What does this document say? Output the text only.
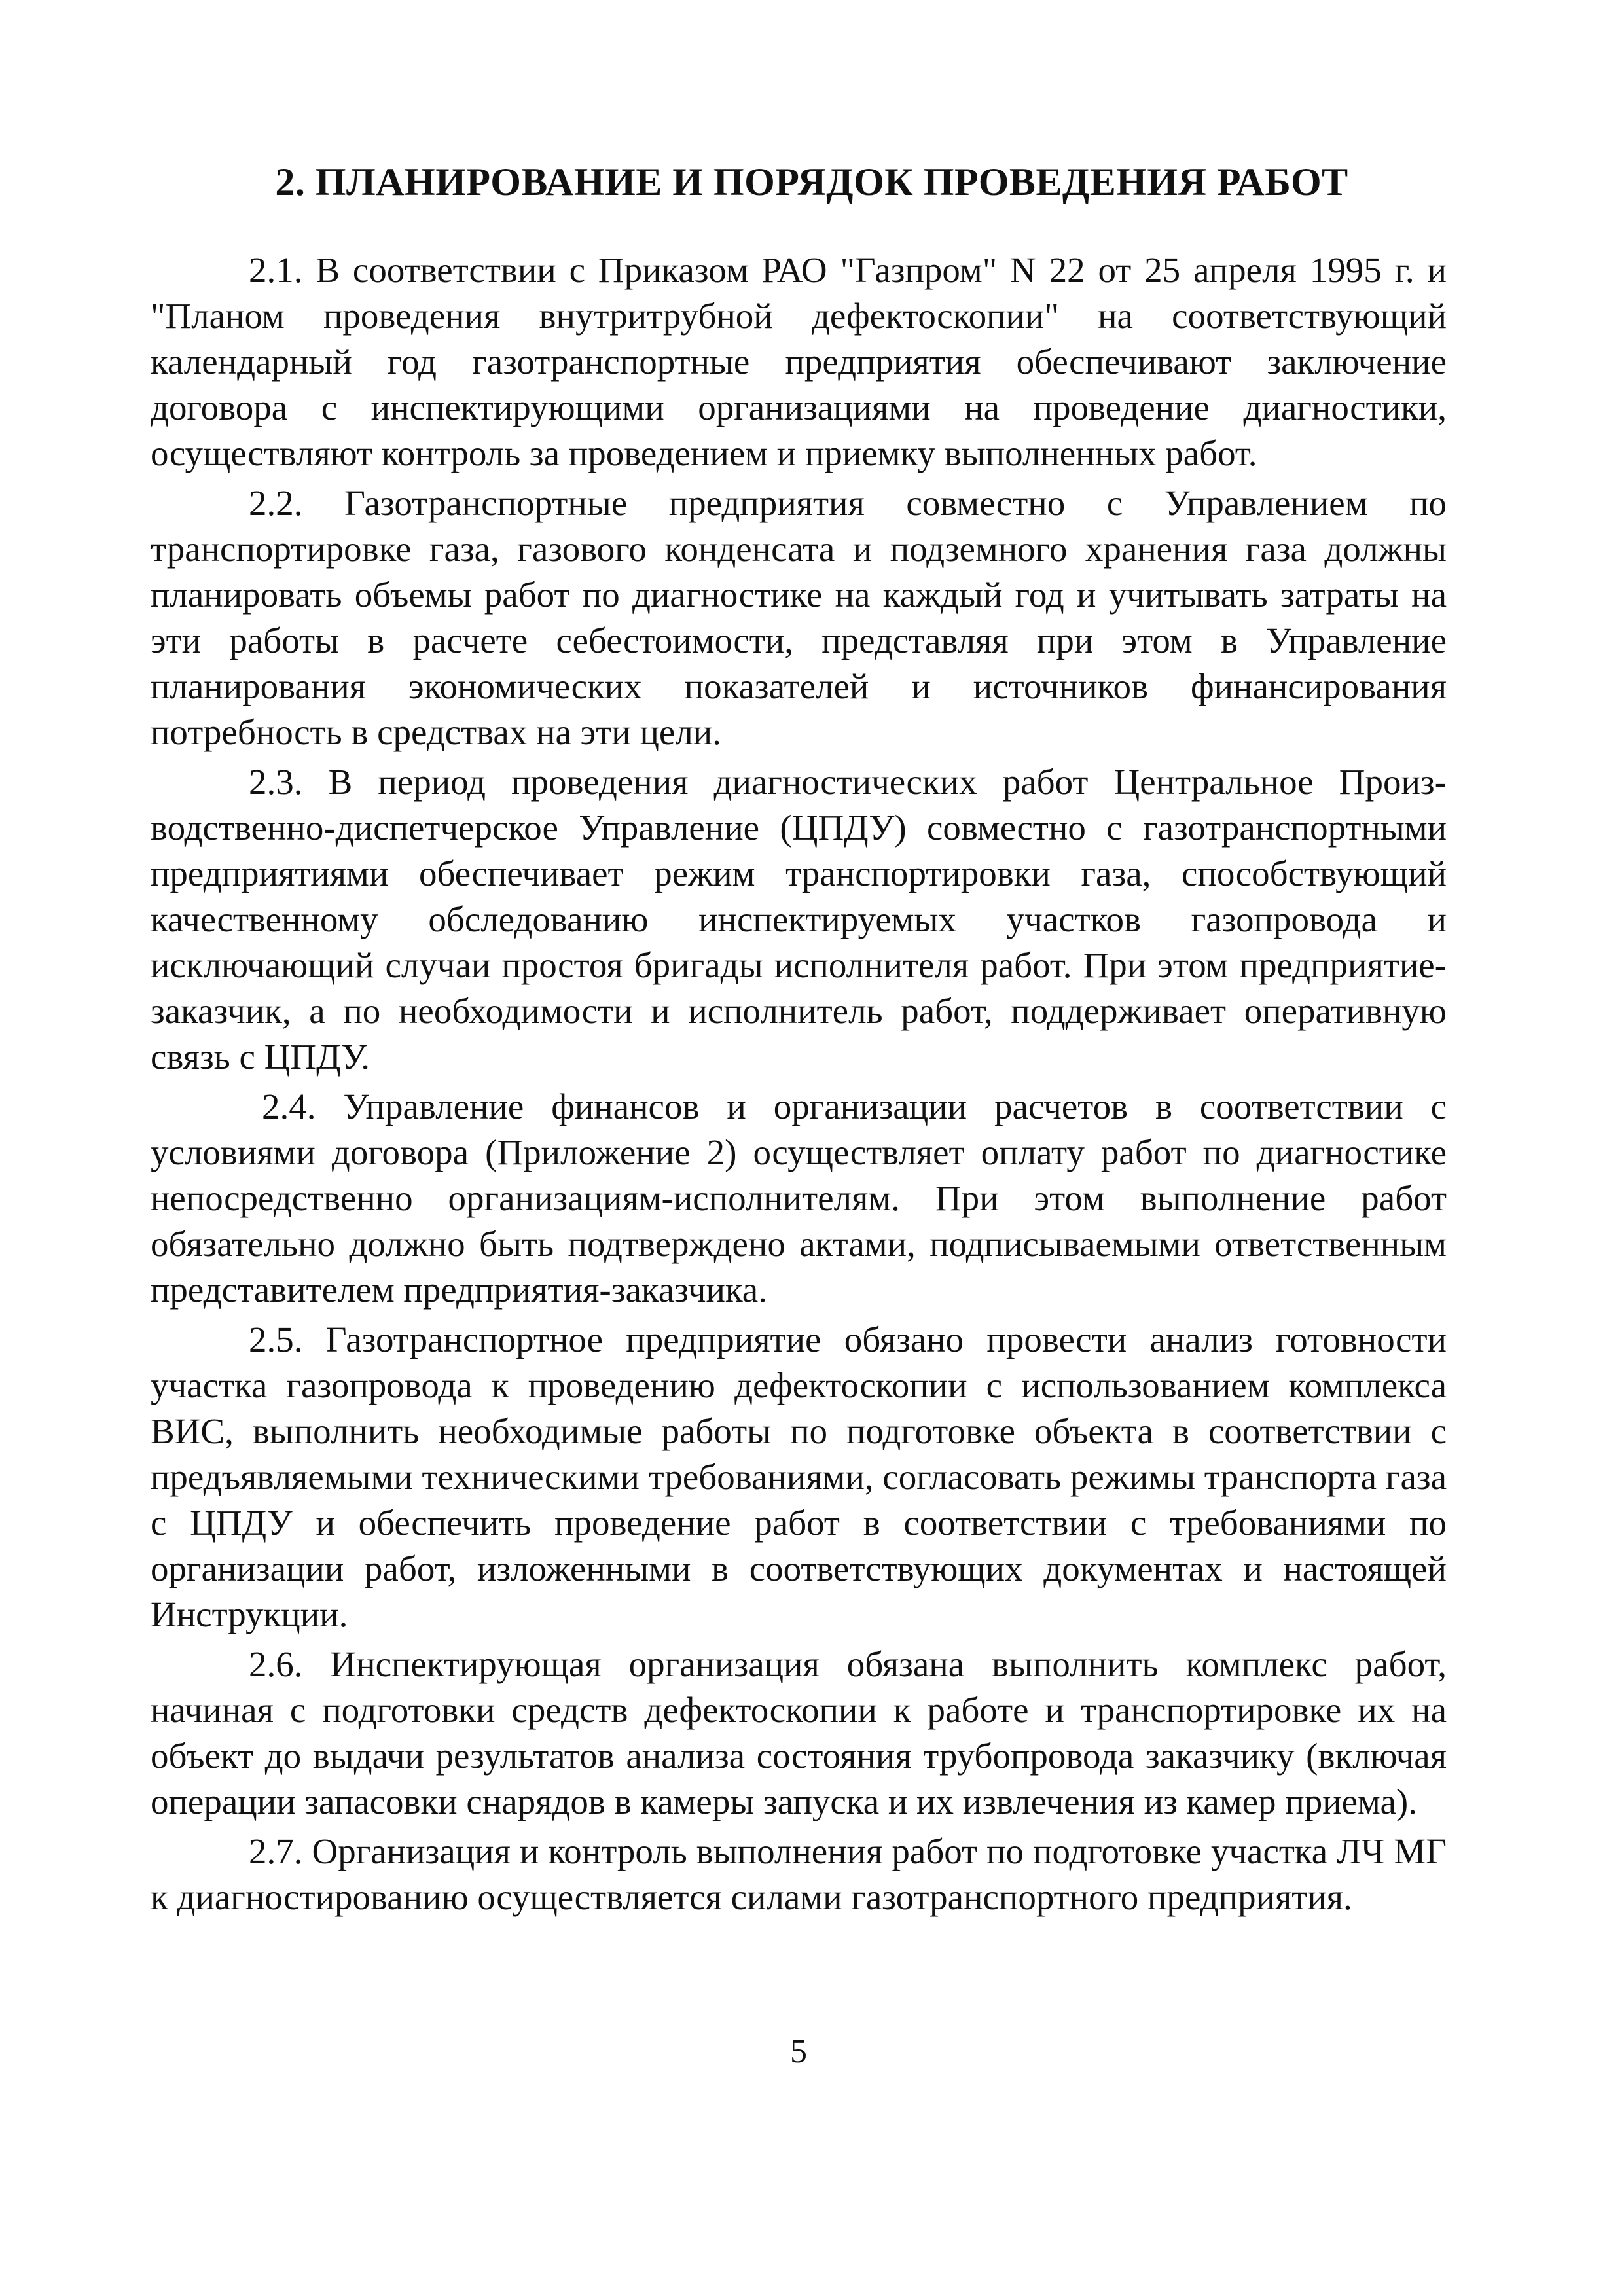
2. ПЛАНИРОВАНИЕ И ПОРЯДОК ПРОВЕДЕНИЯ РАБОТ

2.1. В соответствии с Приказом РАО "Газпром" N 22 от 25 апреля 1995 г. и "Планом проведения внутритрубной дефектоскопии" на соответствующий календарный год газотранспортные предприятия обеспечивают заключение договора с инспектирующими организациями на проведение диагностики, осуществляют контроль за проведением и приемку выполненных работ.

2.2. Газотранспортные предприятия совместно с Управлением по транспортировке газа, газового конденсата и подземного хранения газа должны планировать объемы работ по диагностике на каждый год и учитывать затраты на эти работы в расчете себестоимости, представляя при этом в Управление планирования экономических показателей и источников финансирования потребность в средствах на эти цели.

2.3. В период проведения диагностических работ Центральное Производственно-диспетчерское Управление (ЦПДУ) совместно с газотранспортными предприятиями обеспечивает режим транспортировки газа, способствующий качественному обследованию инспектируемых участков газопровода и исключающий случаи простоя бригады исполнителя работ. При этом предприятие-заказчик, а по необходимости и исполнитель работ, поддерживает оперативную связь с ЦПДУ.

2.4. Управление финансов и организации расчетов в соответствии с условиями договора (Приложение 2) осуществляет оплату работ по диагностике непосредственно организациям-исполнителям. При этом выполнение работ обязательно должно быть подтверждено актами, подписываемыми ответственным представителем предприятия-заказчика.

2.5. Газотранспортное предприятие обязано провести анализ готовности участка газопровода к проведению дефектоскопии с использованием комплекса ВИС, выполнить необходимые работы по подготовке объекта в соответствии с предъявляемыми техническими требованиями, согласовать режимы транспорта газа с ЦПДУ и обеспечить проведение работ в соответствии с требованиями по организации работ, изложенными в соответствующих документах и настоящей Инструкции.

2.6. Инспектирующая организация обязана выполнить комплекс работ, начиная с подготовки средств дефектоскопии к работе и транспортировке их на объект до выдачи результатов анализа состояния трубопровода заказчику (включая операции запасовки снарядов в камеры запуска и их извлечения из камер приема).

2.7. Организация и контроль выполнения работ по подготовке участка ЛЧ МГ к диагностированию осуществляется силами газотранспортного предприятия.

5
